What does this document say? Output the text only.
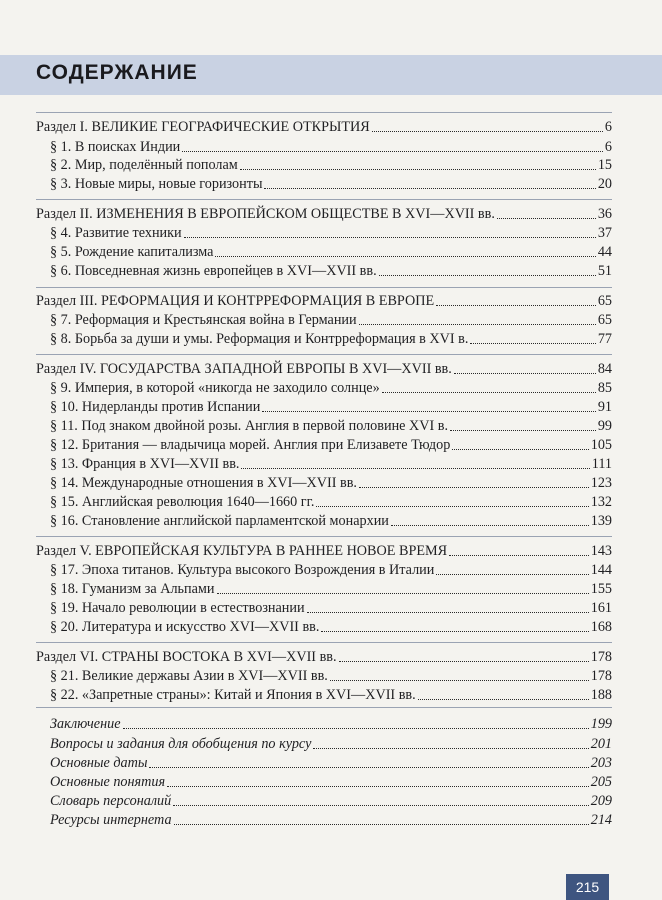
СОДЕРЖАНИЕ
Раздел I. ВЕЛИКИЕ ГЕОГРАФИЧЕСКИЕ ОТКРЫТИЯ	6
§ 1. В поисках Индии	6
§ 2. Мир, поделённый пополам	15
§ 3. Новые миры, новые горизонты	20
Раздел II. ИЗМЕНЕНИЯ В ЕВРОПЕЙСКОМ ОБЩЕСТВЕ В XVI—XVII вв.	36
§ 4. Развитие техники	37
§ 5. Рождение капитализма	44
§ 6. Повседневная жизнь европейцев в XVI—XVII вв.	51
Раздел III. РЕФОРМАЦИЯ И КОНТРРЕФОРМАЦИЯ В ЕВРОПЕ	65
§ 7. Реформация и Крестьянская война в Германии	65
§ 8. Борьба за души и умы. Реформация и Контрреформация в XVI в.	77
Раздел IV. ГОСУДАРСТВА ЗАПАДНОЙ ЕВРОПЫ В XVI—XVII вв.	84
§ 9. Империя, в которой «никогда не заходило солнце»	85
§ 10. Нидерланды против Испании	91
§ 11. Под знаком двойной розы. Англия в первой половине XVI в.	99
§ 12. Британия — владычица морей. Англия при Елизавете Тюдор	105
§ 13. Франция в XVI—XVII вв.	111
§ 14. Международные отношения в XVI—XVII вв.	123
§ 15. Английская революция 1640—1660 гг.	132
§ 16. Становление английской парламентской монархии	139
Раздел V. ЕВРОПЕЙСКАЯ КУЛЬТУРА В РАННЕЕ НОВОЕ ВРЕМЯ	143
§ 17. Эпоха титанов. Культура высокого Возрождения в Италии	144
§ 18. Гуманизм за Альпами	155
§ 19. Начало революции в естествознании	161
§ 20. Литература и искусство XVI—XVII вв.	168
Раздел VI. СТРАНЫ ВОСТОКА В XVI—XVII вв.	178
§ 21. Великие державы Азии в XVI—XVII вв.	178
§ 22. «Запретные страны»: Китай и Япония в XVI—XVII вв.	188
Заключение	199
Вопросы и задания для обобщения по курсу	201
Основные даты	203
Основные понятия	205
Словарь персоналий	209
Ресурсы интернета	214
215
